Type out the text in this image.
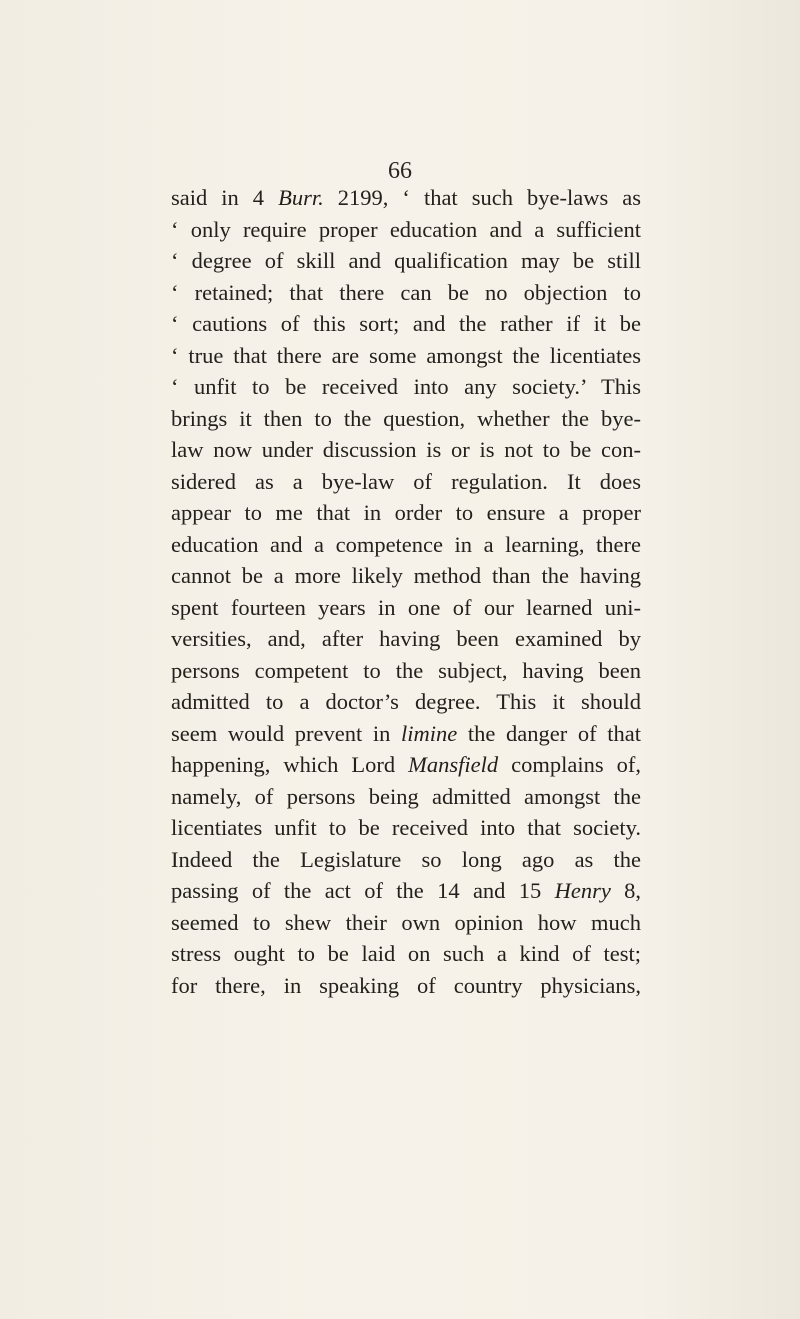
66
said in 4 Burr. 2199, ‘ that such bye-laws as
‘ only require proper education and a sufficient
‘ degree of skill and qualification may be still
‘ retained; that there can be no objection to
‘ cautions of this sort; and the rather if it be
‘ true that there are some amongst the licentiates
‘ unfit to be received into any society.’ This
brings it then to the question, whether the bye-
law now under discussion is or is not to be con-
sidered as a bye-law of regulation. It does
appear to me that in order to ensure a proper
education and a competence in a learning, there
cannot be a more likely method than the having
spent fourteen years in one of our learned uni-
versities, and, after having been examined by
persons competent to the subject, having been
admitted to a doctor’s degree. This it should
seem would prevent in limine the danger of that
happening, which Lord Mansfield complains of,
namely, of persons being admitted amongst the
licentiates unfit to be received into that society.
Indeed the Legislature so long ago as the
passing of the act of the 14 and 15 Henry 8,
seemed to shew their own opinion how much
stress ought to be laid on such a kind of test;
for there, in speaking of country physicians,
